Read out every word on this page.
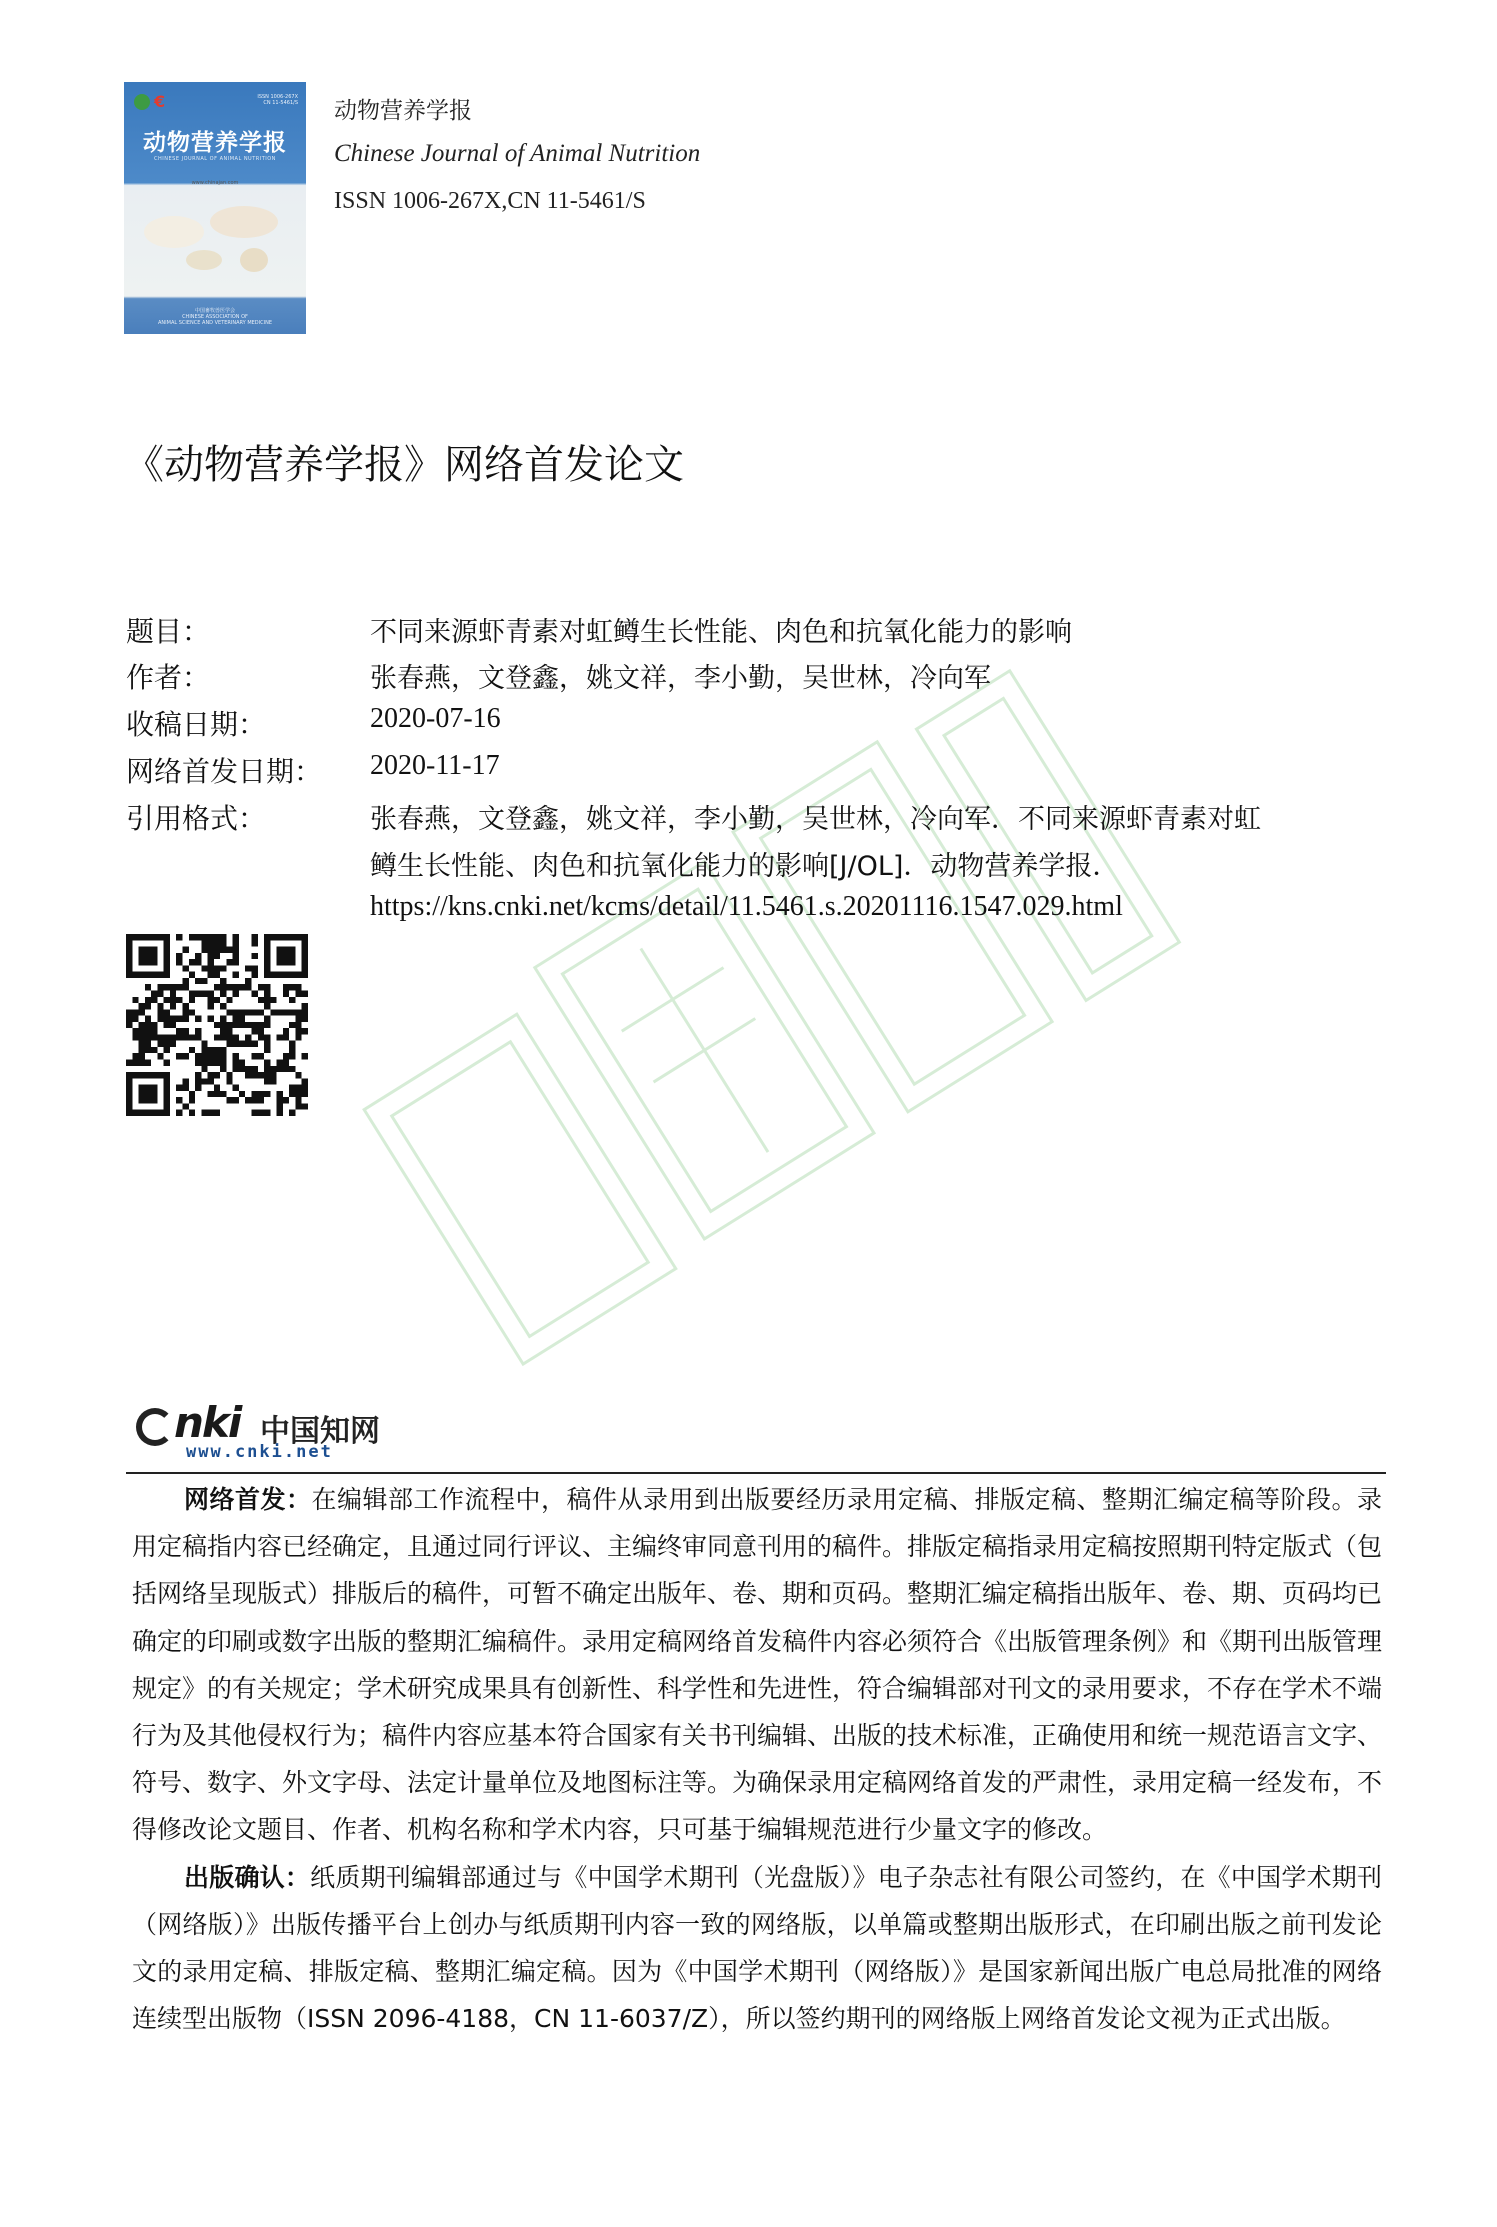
€	ISSN 1006-267X
CN 11-5461/S
动物营养学报
CHINESE JOURNAL OF ANIMAL NUTRITION
www.chinajan.com
中国畜牧兽医学会
CHINESE ASSOCIATION OF
ANIMAL SCIENCE AND VETERINARY MEDICINE
动物营养学报
Chinese Journal of Animal Nutrition
ISSN 1006-267X,CN 11-5461/S
《动物营养学报》网络首发论文
题目：	不同来源虾青素对虹鳟生长性能、肉色和抗氧化能力的影响
作者：	张春燕，文登鑫，姚文祥，李小勤，吴世林，冷向军
收稿日期：	2020-07-16
网络首发日期： 2020-11-17
引用格式：	张春燕，文登鑫，姚文祥，李小勤，吴世林，冷向军．不同来源虾青素对虹
鳟生长性能、肉色和抗氧化能力的影响[J/OL]．动物营养学报．
https://kns.cnki.net/kcms/detail/11.5461.s.20201116.1547.029.html
nki 中国知网
www.cnki.net

网络首发：在编辑部工作流程中，稿件从录用到出版要经历录用定稿、排版定稿、整期汇编定稿等阶段。录用定稿指内容已经确定，且通过同行评议、主编终审同意刊用的稿件。排版定稿指录用定稿按照期刊特定版式（包括网络呈现版式）排版后的稿件，可暂不确定出版年、卷、期和页码。整期汇编定稿指出版年、卷、期、页码均已确定的印刷或数字出版的整期汇编稿件。录用定稿网络首发稿件内容必须符合《出版管理条例》和《期刊出版管理规定》的有关规定；学术研究成果具有创新性、科学性和先进性，符合编辑部对刊文的录用要求，不存在学术不端行为及其他侵权行为；稿件内容应基本符合国家有关书刊编辑、出版的技术标准，正确使用和统一规范语言文字、符号、数字、外文字母、法定计量单位及地图标注等。为确保录用定稿网络首发的严肃性，录用定稿一经发布，不得修改论文题目、作者、机构名称和学术内容，只可基于编辑规范进行少量文字的修改。

出版确认：纸质期刊编辑部通过与《中国学术期刊（光盘版）》电子杂志社有限公司签约，在《中国学术期刊（网络版）》出版传播平台上创办与纸质期刊内容一致的网络版，以单篇或整期出版形式，在印刷出版之前刊发论文的录用定稿、排版定稿、整期汇编定稿。因为《中国学术期刊（网络版）》是国家新闻出版广电总局批准的网络连续型出版物（ISSN 2096-4188，CN 11-6037/Z），所以签约期刊的网络版上网络首发论文视为正式出版。
